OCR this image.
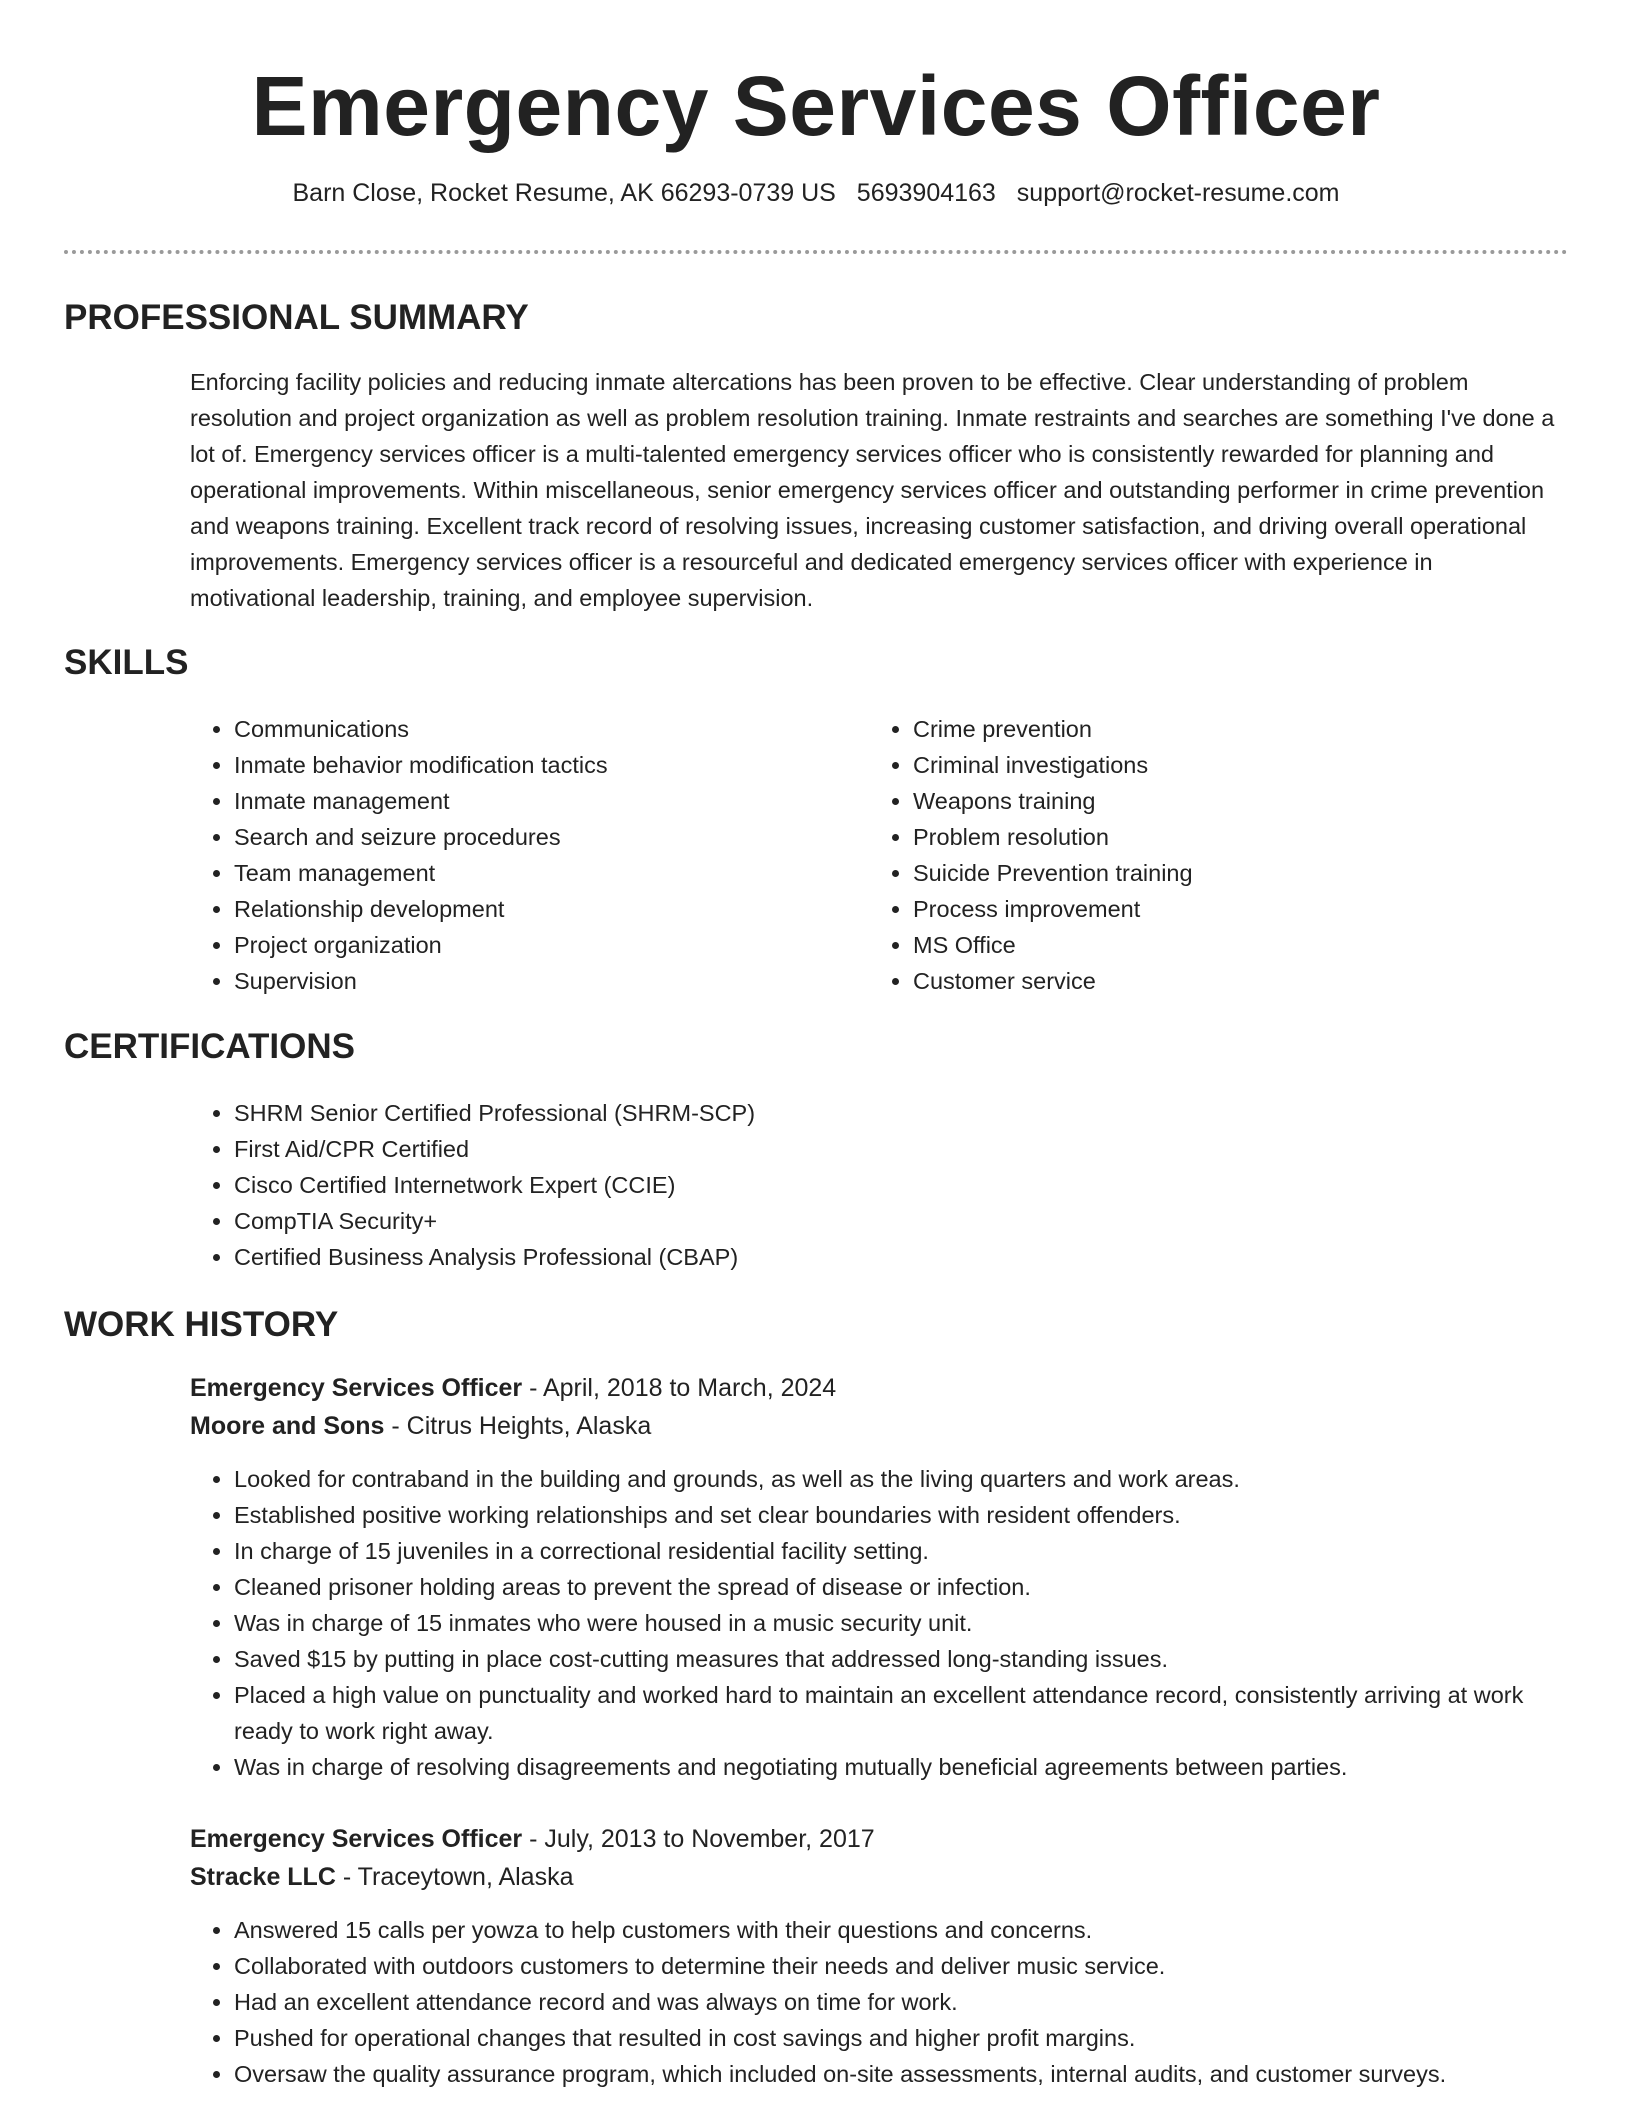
Emergency Services Officer
Barn Close, Rocket Resume, AK 66293-0739 US 5693904163 support@rocket-resume.com
PROFESSIONAL SUMMARY

Enforcing facility policies and reducing inmate altercations has been proven to be effective. Clear understanding of problem resolution and project organization as well as problem resolution training. Inmate restraints and searches are something I've done a lot of. Emergency services officer is a multi-talented emergency services officer who is consistently rewarded for planning and operational improvements. Within miscellaneous, senior emergency services officer and outstanding performer in crime prevention and weapons training. Excellent track record of resolving issues, increasing customer satisfaction, and driving overall operational improvements. Emergency services officer is a resourceful and dedicated emergency services officer with experience in motivational leadership, training, and employee supervision.

SKILLS
• Communications
• Inmate behavior modification tactics
• Inmate management
• Search and seizure procedures
• Team management
• Relationship development
• Project organization
• Supervision
• Crime prevention
• Criminal investigations
• Weapons training
• Problem resolution
• Suicide Prevention training
• Process improvement
• MS Office
• Customer service
CERTIFICATIONS
• SHRM Senior Certified Professional (SHRM-SCP)
• First Aid/CPR Certified
• Cisco Certified Internetwork Expert (CCIE)
• CompTIA Security+
• Certified Business Analysis Professional (CBAP)
WORK HISTORY

Emergency Services Officer - April, 2018 to March, 2024

Moore and Sons - Citrus Heights, Alaska

• Looked for contraband in the building and grounds, as well as the living quarters and work areas.
• Established positive working relationships and set clear boundaries with resident offenders.
• In charge of 15 juveniles in a correctional residential facility setting.
• Cleaned prisoner holding areas to prevent the spread of disease or infection.
• Was in charge of 15 inmates who were housed in a music security unit.
• Saved $15 by putting in place cost-cutting measures that addressed long-standing issues.
• Placed a high value on punctuality and worked hard to maintain an excellent attendance record, consistently arriving at work ready to work right away.
• Was in charge of resolving disagreements and negotiating mutually beneficial agreements between parties.

Emergency Services Officer - July, 2013 to November, 2017

Stracke LLC - Traceytown, Alaska

• Answered 15 calls per yowza to help customers with their questions and concerns.
• Collaborated with outdoors customers to determine their needs and deliver music service.
• Had an excellent attendance record and was always on time for work.
• Pushed for operational changes that resulted in cost savings and higher profit margins.
• Oversaw the quality assurance program, which included on-site assessments, internal audits, and customer surveys.
